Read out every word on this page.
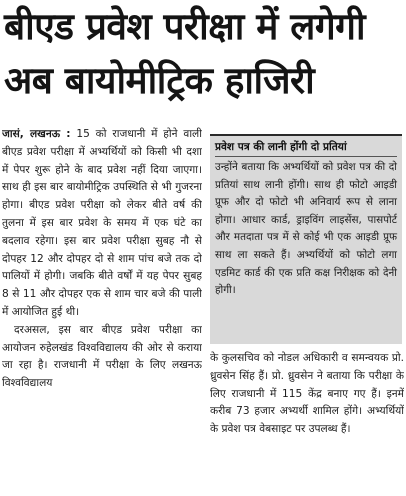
बीएड प्रवेश परीक्षा में लगेगी
अब बायोमीट्रिक हाजिरी

जासं, लखनऊ : 15 को राजधानी में होने वाली बीएड प्रवेश परीक्षा में अभ्यर्थियों को किसी भी दशा में पेपर शुरू होने के बाद प्रवेश नहीं दिया जाएगा। साथ ही इस बार बायोमीट्रिक उपस्थिति से भी गुजरना होगा। बीएड प्रवेश परीक्षा को लेकर बीते वर्ष की तुलना में इस बार प्रवेश के समय में एक घंटे का बदलाव रहेगा। इस बार प्रवेश परीक्षा सुबह नौ से दोपहर 12 और दोपहर दो से शाम पांच बजे तक दो पालियों में होगी। जबकि बीते वर्षों में यह पेपर सुबह 8 से 11 और दोपहर एक से शाम चार बजे की पाली में आयोजित हुई थी।

दरअसल, इस बार बीएड प्रवेश परीक्षा का आयोजन रुहेलखंड विश्वविद्यालय की ओर से कराया जा रहा है। राजधानी में परीक्षा के लिए लखनऊ विश्वविद्यालय

प्रवेश पत्र की लानी होंगी दो प्रतियां
उन्होंने बताया कि अभ्यर्थियों को प्रवेश पत्र की दो प्रतियां साथ लानी होंगी। साथ ही फोटो आइडी प्रूफ और दो फोटो भी अनिवार्य रूप से लाना होगा। आधार कार्ड, ड्राइविंग लाइसेंस, पासपोर्ट और मतदाता पत्र में से कोई भी एक आइडी प्रूफ साथ ला सकते हैं। अभ्यर्थियों को फोटो लगा एडमिट कार्ड की एक प्रति कक्ष निरीक्षक को देनी होगी।

के कुलसचिव को नोडल अधिकारी व समन्वयक प्रो. ध्रुवसेन सिंह हैं। प्रो. ध्रुवसेन ने बताया कि परीक्षा के लिए राजधानी में 115 केंद्र बनाए गए हैं। इनमें करीब 73 हजार अभ्यर्थी शामिल होंगे। अभ्यर्थियों के प्रवेश पत्र वेबसाइट पर उपलब्ध हैं।
